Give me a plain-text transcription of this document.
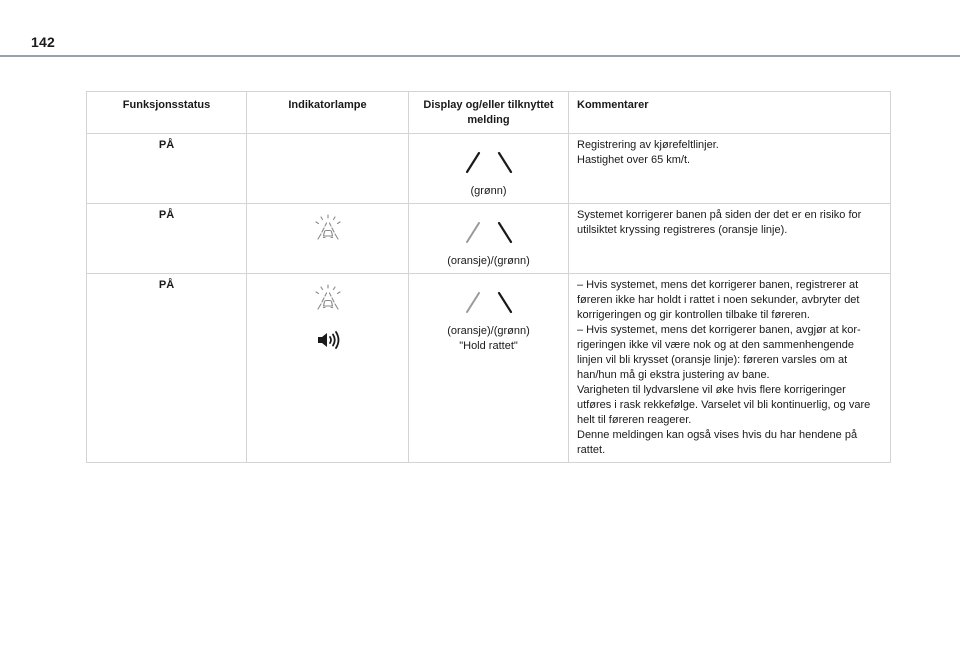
142
Funksjonsstatus	Indikatorlampe	Display og/eller tilknyttet melding	Kommentarer
PÅ		(grønn)	Registrering av kjørefeltlinjer.
Hastighet over 65 km/t.

PÅ		(oransje)/(grønn)	Systemet korrigerer banen på siden der det er en risiko for utilsiktet kryssing registreres (oransje linje).

PÅ		(oransje)/(grønn)
"Hold rattet"	– Hvis systemet, mens det korrigerer banen, registrerer at føreren ikke har holdt i rattet i noen sekunder, avbryter det korrigeringen og gir kontrollen tilbake til føreren.
– Hvis systemet, mens det korrigerer banen, avgjør at kor-rigeringen ikke vil være nok og at den sammenhengende linjen vil bli krysset (oransje linje): føreren varsles om at han/hun må gi ekstra justering av bane.
Varigheten til lydvarslene vil øke hvis flere korrigeringer utføres i rask rekkefølge. Varselet vil bli kontinuerlig, og vare helt til føreren reagerer.
Denne meldingen kan også vises hvis du har hendene på rattet.
